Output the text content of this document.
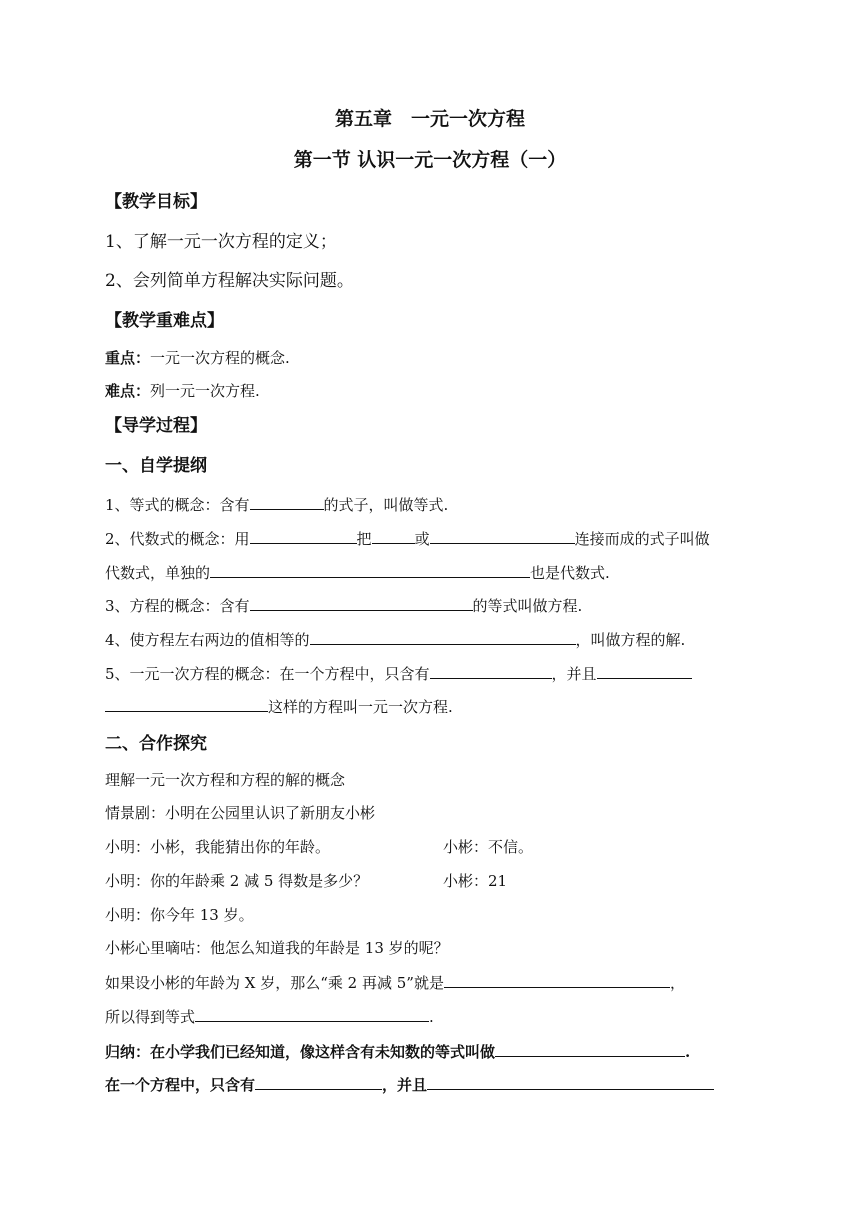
第五章　一元一次方程
第一节 认识一元一次方程（一）
【教学目标】
1、了解一元一次方程的定义；
2、会列简单方程解决实际问题。
【教学重难点】
重点：一元一次方程的概念.
难点：列一元一次方程.
【导学过程】
一、自学提纲
1、等式的概念：含有	的式子，叫做等式.
2、代数式的概念：用	把	或	连接而成的式子叫做
代数式，单独的	也是代数式.
3、方程的概念：含有	的等式叫做方程.
4、使方程左右两边的值相等的	，叫做方程的解.
5、一元一次方程的概念：在一个方程中，只含有	，并且
这样的方程叫一元一次方程.
二、合作探究
理解一元一次方程和方程的解的概念
情景剧：小明在公园里认识了新朋友小彬
小明：小彬，我能猜出你的年龄。	小彬：不信。
小明：你的年龄乘 2 减 5 得数是多少？	小彬：21
小明：你今年 13 岁。
小彬心里嘀咕：他怎么知道我的年龄是 13 岁的呢？
如果设小彬的年龄为 X 岁，那么“乘 2 再减 5”就是	，
所以得到等式	.
归纳：在小学我们已经知道，像这样含有未知数的等式叫做	.
在一个方程中，只含有	，并且
